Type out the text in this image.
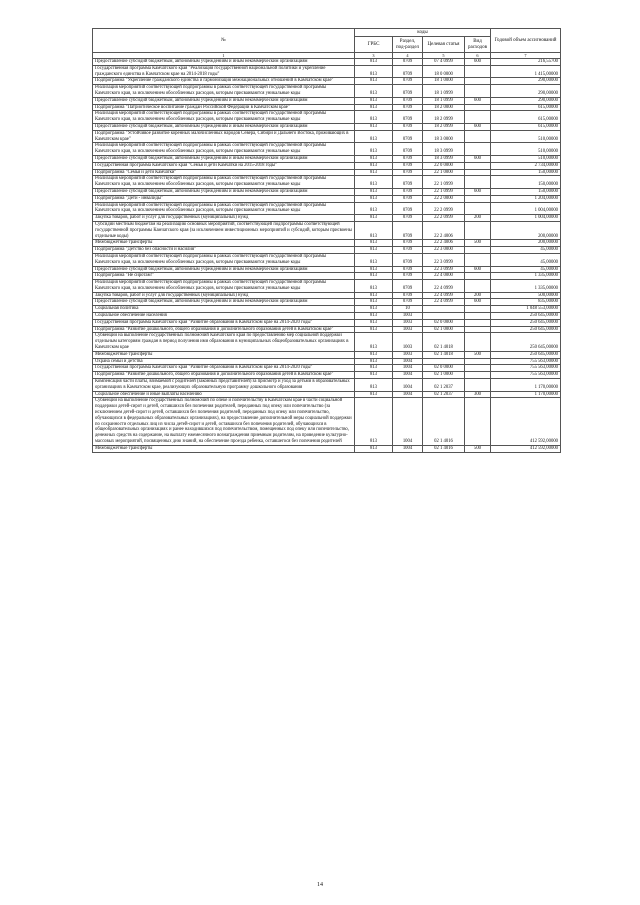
№	коды				Годовой объем ассигнований
	ГРБС	Раздел, под-раздел	Целевая статья	Вид расходов	
1	3	4	5	6	7
Предоставление субсидий бюджетным, автономным учреждениям и иным некоммерческим организациям	813	0709	07 4 0999	600	216,55700
Государственная программа Камчатского края "Реализация государственной национальной политики и укрепление гражданского единства в Камчатском крае на 2014-2018 годы"	813	0709	18 0 0000		1 415,00000
Подпрограмма "Укрепление гражданского единства и гармонизация межнациональных отношений в Камчатском крае"	813	0709	18 1 0000		290,00000
Реализация мероприятий соответствующей подпрограммы в рамках соответствующей государственной программы Камчатского края, за исключением обособленных расходов, которым присваиваются уникальные коды	813	0709	18 1 0999		290,00000
Предоставление субсидий бюджетным, автономным учреждениям и иным некоммерческим организациям	813	0709	18 1 0999	600	290,00000
Подпрограмма "Патриотическое воспитание граждан Российской Федерации в Камчатском крае"	813	0709	18 2 0000		615,00000
Реализация мероприятий соответствующей подпрограммы в рамках соответствующей государственной программы Камчатского края, за исключением обособленных расходов, которым присваиваются уникальные коды	813	0709	18 2 0999		615,00000
Предоставление субсидий бюджетным, автономным учреждениям и иным некоммерческим организациям	813	0709	18 2 0999	600	615,00000
Подпрограмма "Устойчивое развитие коренных малочисленных народов Севера, Сибири и Дальнего Востока, проживающих в Камчатском крае"	813	0709	18 3 0000		510,00000
Реализация мероприятий соответствующей подпрограммы в рамках соответствующей государственной программы Камчатского края, за исключением обособленных расходов, которым присваиваются уникальные коды	813	0709	18 3 0999		510,00000
Предоставление субсидий бюджетным, автономным учреждениям и иным некоммерческим организациям	813	0709	18 3 0999	600	510,00000
Государственная программа Камчатского края "Семья и дети Камчатки на 2015-2018 годы"	813	0709	22 0 0000		2 734,00000
Подпрограмма "Семья и дети Камчатки"	813	0709	22 1 0000		150,00000
Реализация мероприятий соответствующей подпрограммы в рамках соответствующей государственной программы Камчатского края, за исключением обособленных расходов, которым присваиваются уникальные коды	813	0709	22 1 0999		150,00000
Предоставление субсидий бюджетным, автономным учреждениям и иным некоммерческим организациям	813	0709	22 1 0999	600	150,00000
Подпрограмма "Дети - инвалиды"	813	0709	22 2 0000		1 204,00000
Реализация мероприятий соответствующей подпрограммы в рамках соответствующей государственной программы Камчатского края, за исключением обособленных расходов, которым присваиваются уникальные коды	813	0709	22 2 0999		1 004,00000
Закупка товаров, работ и услуг для государственных (муниципальных) нужд	813	0709	22 2 0999	200	1 004,00000
Субсидии местным бюджетам на реализацию основных мероприятий, соответствующей подпрограммы соответствующей государственной программы Камчатского края (за исключением инвестиционных мероприятий и субсидий, которым присвоены отдельные коды)	813	0709	22 2 4006		200,00000
Межбюджетные трансферты	813	0709	22 2 4006	500	200,00000
Подпрограмма "Детство без опасности и насилия"	813	0709	22 3 0000		45,00000
Реализация мероприятий соответствующей подпрограммы в рамках соответствующей государственной программы Камчатского края, за исключением обособленных расходов, которым присваиваются уникальные коды	813	0709	22 3 0999		45,00000
Предоставление субсидий бюджетным, автономным учреждениям и иным некоммерческим организациям	813	0709	22 3 0999	600	45,00000
Подпрограмма "Не сиротам!"	813	0709	22 4 0000		1 335,00000
Реализация мероприятий соответствующей подпрограммы в рамках соответствующей государственной программы Камчатского края, за исключением обособленных расходов, которым присваиваются уникальные коды	813	0709	22 4 0999		1 335,00000
Закупка товаров, работ и услуг для государственных (муниципальных) нужд	813	0709	22 4 0999	200	500,00000
Предоставление субсидий бюджетным, автономным учреждениям и иным некоммерческим организациям	813	0709	22 4 0999	600	835,00000
Социальная политика	813	10			1 048 553,00000
Социальное обеспечение населения	813	1003			250 645,00000
Государственная программа Камчатского края "Развитие образования в Камчатском крае на 2014-2020 годы"	813	1003	02 0 0000		250 645,00000
Подпрограмма "Развитие дошкольного, общего образования и дополнительного образования детей в Камчатском крае"	813	1003	02 1 0000		250 645,00000
Субвенции на выполнение государственных полномочий Камчатского края по предоставлению мер социальной поддержки отдельным категориям граждан в период получения ими образования в муниципальных общеобразовательных организациях в Камчатском крае	813	1003	02 1 4018		250 645,00000
Межбюджетные трансферты	813	1003	02 1 4018	500	250 645,00000
Охрана семьи и детства	813	1004			755 563,00000
Государственная программа Камчатского края "Развитие образования в Камчатском крае на 2014-2020 годы"	813	1004	02 0 0000		755 563,00000
Подпрограмма "Развитие дошкольного, общего образования и дополнительного образования детей в Камчатском крае"	813	1004	02 1 0000		755 563,00000
Компенсация части платы, взимаемой с родителей (законных представителей) за присмотр и уход за детьми в образовательных организациях в Камчатском крае, реализующих образовательную программу дошкольного образования	813	1004	02 1 2037		1 170,00000
Социальное обеспечение и иные выплаты населению	813	1004	02 1 2037	300	1 170,00000
Субвенции на выполнение государственных полномочий по опеке и попечительству в Камчатском крае в части социальной поддержки детей-сирот и детей, оставшихся без попечения родителей, переданных под опеку или попечительство (за исключением детей-сирот и детей, оставшихся без попечения родителей, переданных под опеку или попечительство, обучающихся в федеральных образовательных организациях), на предоставление дополнительной меры социальной поддержки по сохранности отдельных лиц из числа детей-сирот и детей, оставшихся без попечения родителей, обучающихся в общеобразовательных организациях и ранее находившихся под попечительством, помещенных под опеку или попечительство, денежных средств на содержание, на выплату ежемесячного вознаграждения приемным родителям, на проведение культурно-массовых мероприятий, посвященных дню знаний, на обеспечение проезда ребенка, оставшегося без попечения родителей	813	1004	02 1 4016		412 592,00000
Межбюджетные трансферты	813	1004	02 1 4016	500	412 592,00000
14
